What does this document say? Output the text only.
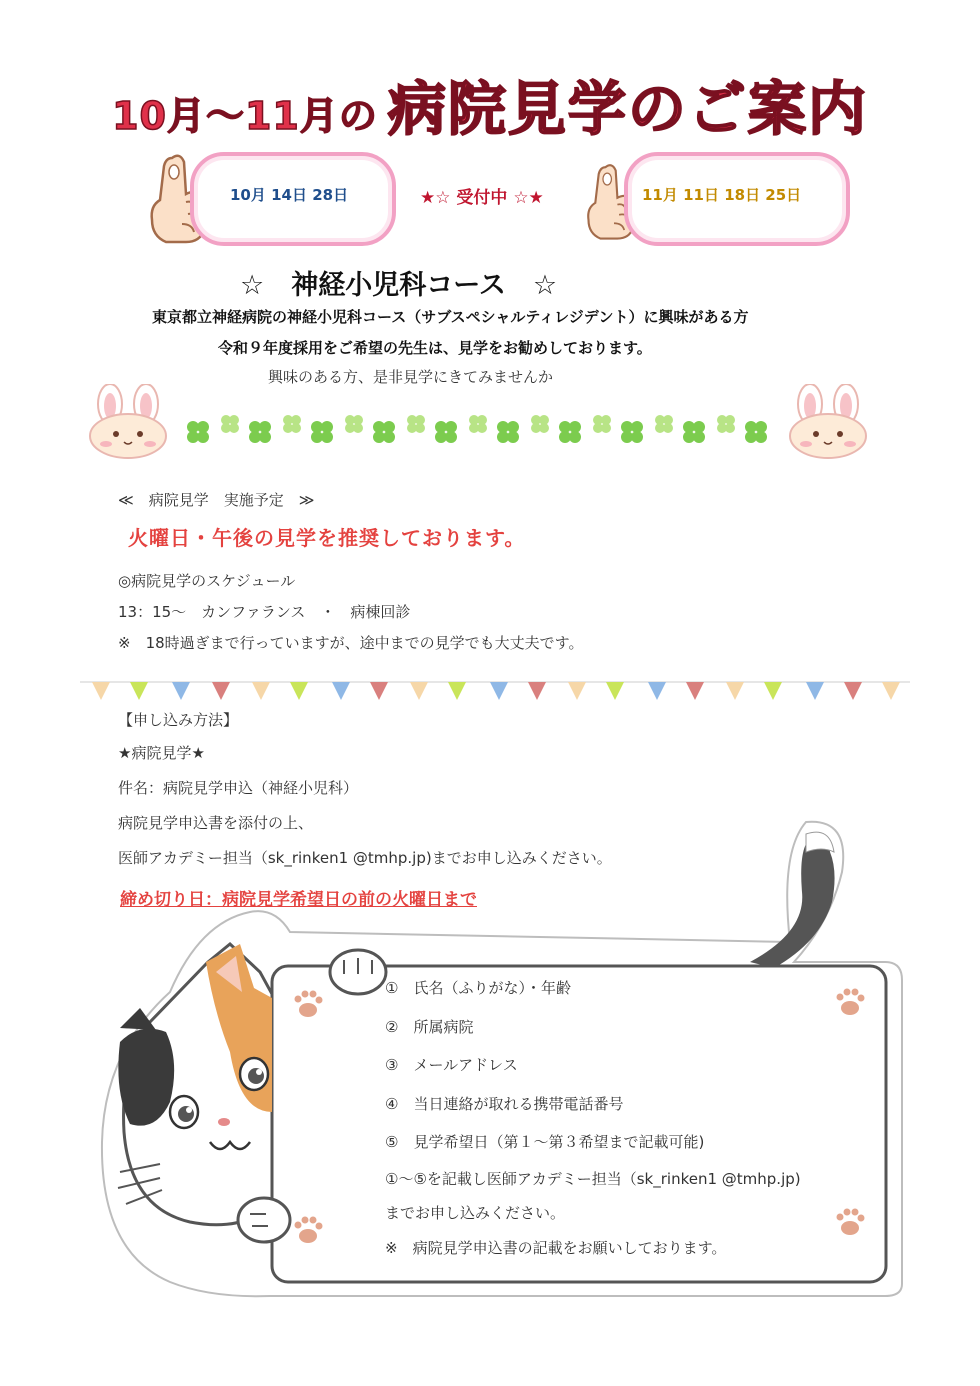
10月～11月の 病院見学のご案内
10月 14日 28日	★☆ 受付中 ☆★	11月 11日 18日 25日
☆　神経小児科コース　☆
東京都立神経病院の神経小児科コース（サブスペシャルティレジデント）に興味がある方
令和９年度採用をご希望の先生は、見学をお勧めしております。
興味のある方、是非見学にきてみませんか
≪　病院見学　実施予定　≫
火曜日・午後の見学を推奨しております。
◎病院見学のスケジュール
13：15～　カンファランス　・　病棟回診
※　18時過ぎまで行っていますが、途中までの見学でも大丈夫です。
【申し込み方法】
★病院見学★
件名：病院見学申込（神経小児科）
病院見学申込書を添付の上、
医師アカデミー担当（sk_rinken1 @tmhp.jp)までお申し込みください。
締め切り日：病院見学希望日の前の火曜日まで
①　氏名（ふりがな）・年齢
②　所属病院
③　メールアドレス
④　当日連絡が取れる携帯電話番号
⑤　見学希望日（第１～第３希望まで記載可能)
①～⑤を記載し医師アカデミー担当（sk_rinken1 @tmhp.jp)
までお申し込みください。
※　病院見学申込書の記載をお願いしております。
